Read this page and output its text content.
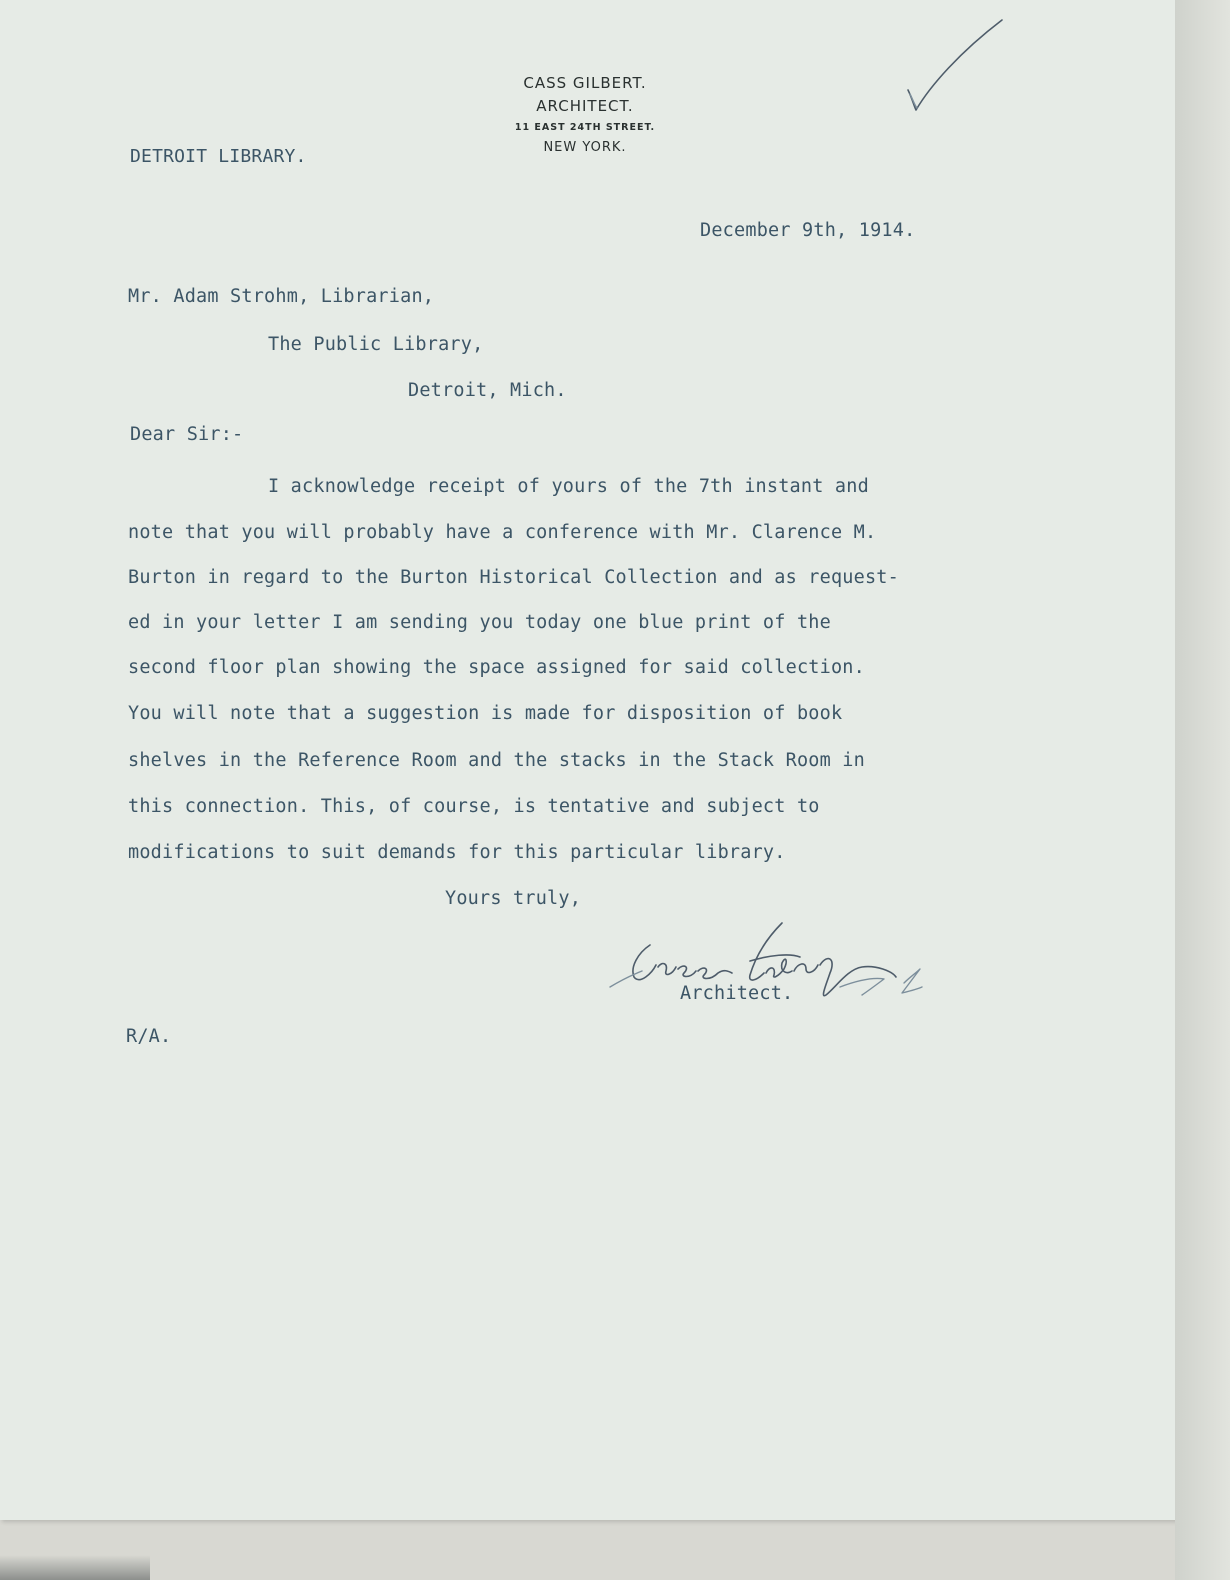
CASS GILBERT.
ARCHITECT.
11 EAST 24TH STREET.
NEW YORK.
DETROIT LIBRARY.
December 9th, 1914.
Mr. Adam Strohm, Librarian,
The Public Library,
Detroit, Mich.
Dear Sir:-
I acknowledge receipt of yours of the 7th instant and
note that you will probably have a conference with Mr. Clarence M.
Burton in regard to the Burton Historical Collection and as request-
ed in your letter I am sending you today one blue print of the
second floor plan showing the space assigned for said collection.
You will note that a suggestion is made for disposition of book
shelves in the Reference Room and the stacks in the Stack Room in
this connection. This, of course, is tentative and subject to
modifications to suit demands for this particular library.
Yours truly,
Architect.
R/A.
